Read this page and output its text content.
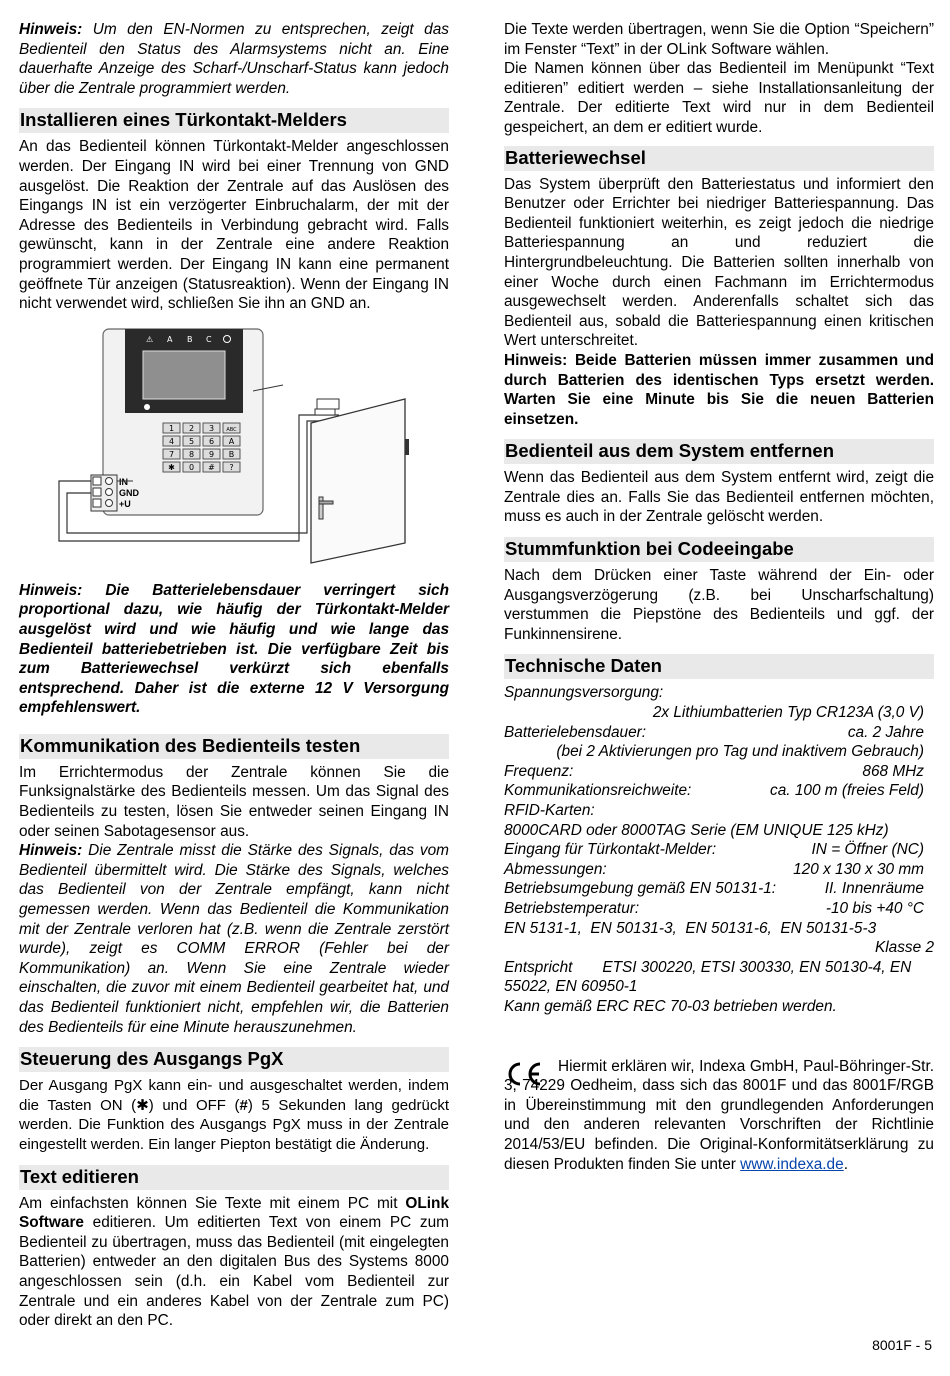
Hinweis: Um den EN-Normen zu entsprechen, zeigt das Bedienteil den Status des Alarmsystems nicht an. Eine dauerhafte Anzeige des Scharf-/Unscharf-Status kann jedoch über die Zentrale programmiert werden.

Installieren eines Türkontakt-Melders

An das Bedienteil können Türkontakt-Melder angeschlossen werden. Der Eingang IN wird bei einer Trennung von GND ausgelöst. Die Reaktion der Zentrale auf das Auslösen des Eingangs IN ist ein verzögerter Einbruchalarm, der mit der Adresse des Bedienteils in Verbindung gebracht wird. Falls gewünscht, kann in der Zentrale eine andere Reaktion programmiert werden. Der Eingang IN kann eine permanent geöffnete Tür anzeigen (Statusreaktion). Wenn der Eingang IN nicht verwendet wird, schließen Sie ihn an GND an.

⚠ A B C
1 2 3 ABC
4 5 6 A
7 8 9 B
✱ 0 # ?
IN
GND
+U

Hinweis: Die Batterielebensdauer verringert sich proportional dazu, wie häufig der Türkontakt-Melder ausgelöst wird und wie häufig und wie lange das Bedienteil batteriebetrieben ist. Die verfügbare Zeit bis zum Batteriewechsel verkürzt sich ebenfalls entsprechend. Daher ist die externe 12 V Versorgung empfehlenswert.

Kommunikation des Bedienteils testen

Im Errichtermodus der Zentrale können Sie die Funksignalstärke des Bedienteils messen. Um das Signal des Bedienteils zu testen, lösen Sie entweder seinen Eingang IN oder seinen Sabotagesensor aus.

Hinweis: Die Zentrale misst die Stärke des Signals, das vom Bedienteil übermittelt wird. Die Stärke des Signals, welches das Bedienteil von der Zentrale empfängt, kann nicht gemessen werden. Wenn das Bedienteil die Kommunikation mit der Zentrale verloren hat (z.B. wenn die Zentrale zerstört wurde), zeigt es COMM ERROR (Fehler bei der Kommunikation) an. Wenn Sie eine Zentrale wieder einschalten, die zuvor mit einem Bedienteil gearbeitet hat, und das Bedienteil funktioniert nicht, empfehlen wir, die Batterien des Bedienteils für eine Minute herauszunehmen.

Steuerung des Ausgangs PgX

Der Ausgang PgX kann ein- und ausgeschaltet werden, indem die Tasten ON (✱) und OFF (#) 5 Sekunden lang gedrückt werden. Die Funktion des Ausgangs PgX muss in der Zentrale eingestellt werden. Ein langer Piepton bestätigt die Änderung.

Text editieren

Am einfachsten können Sie Texte mit einem PC mit OLink Software editieren. Um editierten Text von einem PC zum Bedienteil zu übertragen, muss das Bedienteil (mit eingelegten Batterien) entweder an den digitalen Bus des Systems 8000 angeschlossen sein (d.h. ein Kabel vom Bedienteil zur Zentrale und ein anderes Kabel von der Zentrale zum PC) oder direkt an den PC.

Die Texte werden übertragen, wenn Sie die Option “Speichern” im Fenster “Text” in der OLink Software wählen.

Die Namen können über das Bedienteil im Menüpunkt “Text editieren” editiert werden – siehe Installationsanleitung der Zentrale. Der editierte Text wird nur in dem Bedienteil gespeichert, an dem er editiert wurde.

Batteriewechsel

Das System überprüft den Batteriestatus und informiert den Benutzer oder Errichter bei niedriger Batteriespannung. Das Bedienteil funktioniert weiterhin, es zeigt jedoch die niedrige Batteriespannung an und reduziert die Hintergrundbeleuchtung. Die Batterien sollten innerhalb von einer Woche durch einen Fachmann im Errichtermodus ausgewechselt werden. Anderenfalls schaltet sich das Bedienteil aus, sobald die Batteriespannung einen kritischen Wert unterschreitet.

Hinweis: Beide Batterien müssen immer zusammen und durch Batterien des identischen Typs ersetzt werden. Warten Sie eine Minute bis Sie die neuen Batterien einsetzen.

Bedienteil aus dem System entfernen

Wenn das Bedienteil aus dem System entfernt wird, zeigt die Zentrale dies an. Falls Sie das Bedienteil entfernen möchten, muss es auch in der Zentrale gelöscht werden.

Stummfunktion bei Codeeingabe

Nach dem Drücken einer Taste während der Ein- oder Ausgangsverzögerung (z.B. bei Unscharfschaltung) verstummen die Piepstöne des Bedienteils und ggf. der Funkinnensirene.

Technische Daten
Spannungsversorgung:
2x Lithiumbatterien Typ CR123A (3,0 V)
Batterielebensdauer:	ca. 2 Jahre
(bei 2 Aktivierungen pro Tag und inaktivem Gebrauch)
Frequenz:	868 MHz
Kommunikationsreichweite:	ca. 100 m (freies Feld)
RFID-Karten:
8000CARD oder 8000TAG Serie (EM UNIQUE 125 kHz)
Eingang für Türkontakt-Melder:	IN = Öffner (NC)
Abmessungen:	120 x 130 x 30 mm
Betriebsumgebung gemäß EN 50131-1:	II. Innenräume
Betriebstemperatur:	-10 bis +40 °C
EN 5131-1,  EN 50131-3,  EN 50131-6,  EN 50131-5-3
Klasse 2
Entspricht ETSI 300220, ETSI 300330, EN 50130-4, EN 55022, EN 60950-1
Kann gemäß ERC REC 70-03 betrieben werden.

Hiermit erklären wir, Indexa GmbH, Paul-Böhringer-Str. 3, 74229 Oedheim, dass sich das 8001F und das 8001F/RGB in Übereinstimmung mit den grundlegenden Anforderungen und den anderen relevanten Vorschriften der Richtlinie 2014/53/EU befinden. Die Original-Konformitätserklärung zu diesen Produkten finden Sie unter www.indexa.de.

8001F - 5
